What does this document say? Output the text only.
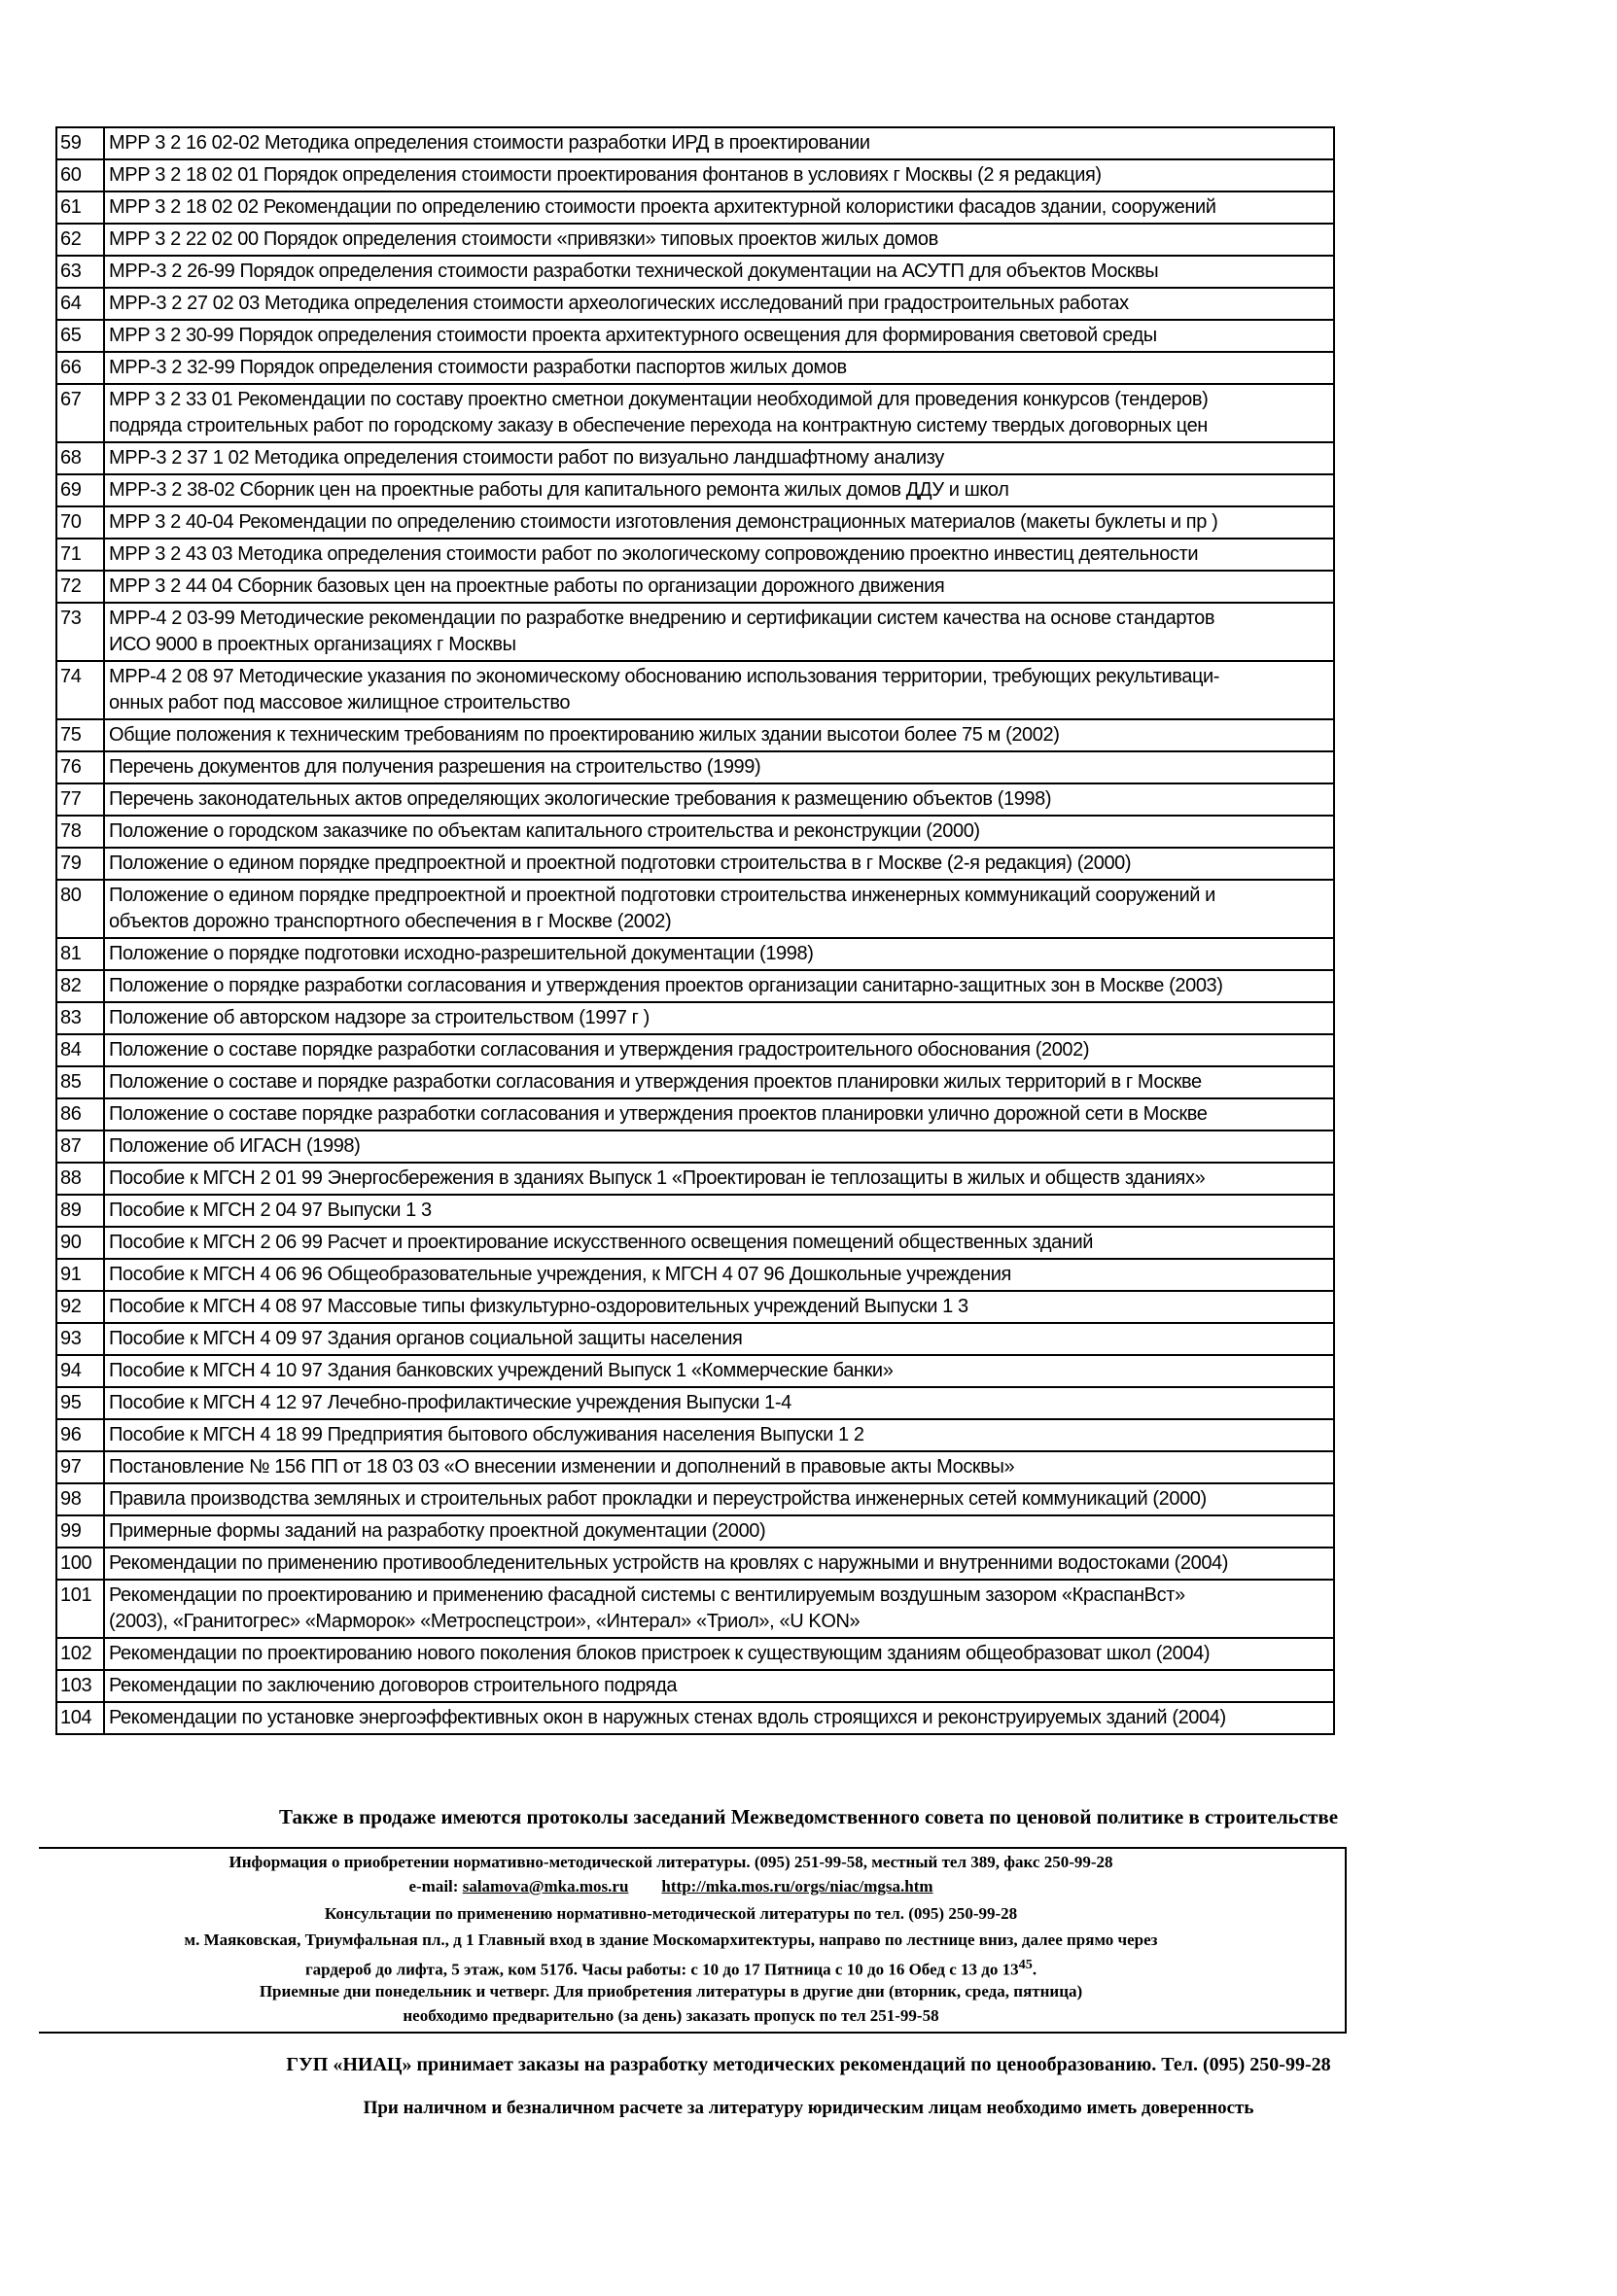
59	МРР 3 2 16 02-02 Методика определения стоимости разработки ИРД в проектировании
60	МРР 3 2 18 02 01 Порядок определения стоимости проектирования фонтанов в условиях г Москвы (2 я редакция)
61	МРР 3 2 18 02 02 Рекомендации по определению стоимости проекта архитектурной колористики фасадов здании, сооружений
62	МРР 3 2 22 02 00 Порядок определения стоимости «привязки» типовых проектов жилых домов
63	МРР-3 2 26-99 Порядок определения стоимости разработки технической документации на АСУТП для объектов Москвы
64	МРР-3 2 27 02 03 Методика определения стоимости археологических исследований при градостроительных работах
65	МРР 3 2 30-99 Порядок определения стоимости проекта архитектурного освещения для формирования световой среды
66	МРР-3 2 32-99 Порядок определения стоимости разработки паспортов жилых домов
67	МРР 3 2 33 01 Рекомендации по составу проектно сметнои документации необходимой для проведения конкурсов (тендеров)
подряда строительных работ по городскому заказу в обеспечение перехода на контрактную систему твердых договорных цен
68	МРР-3 2 37 1 02 Методика определения стоимости работ по визуально ландшафтному анализу
69	МРР-3 2 38-02 Сборник цен на проектные работы для капитального ремонта жилых домов ДДУ и школ
70	МРР 3 2 40-04 Рекомендации по определению стоимости изготовления демонстрационных материалов (макеты буклеты и пр )
71	МРР 3 2 43 03 Методика определения стоимости работ по экологическому сопровождению проектно инвестиц деятельности
72	МРР 3 2 44 04 Сборник базовых цен на проектные работы по организации дорожного движения
73	МРР-4 2 03-99 Методические рекомендации по разработке внедрению и сертификации систем качества на основе стандартов
ИСО 9000 в проектных организациях г Москвы
74	МРР-4 2 08 97 Методические указания по экономическому обоснованию использования территории, требующих рекультиваци-
онных работ под массовое жилищное строительство
75	Общие положения к техническим требованиям по проектированию жилых здании высотои более 75 м (2002)
76	Перечень документов для получения разрешения на строительство (1999)
77	Перечень законодательных актов определяющих экологические требования к размещению объектов (1998)
78	Положение о городском заказчике по объектам капитального строительства и реконструкции (2000)
79	Положение о едином порядке предпроектной и проектной подготовки строительства в г Москве (2-я редакция) (2000)
80	Положение о едином порядке предпроектной и проектной подготовки строительства инженерных коммуникаций сооружений и
объектов дорожно транспортного обеспечения в г Москве (2002)
81	Положение о порядке подготовки исходно-разрешительной документации (1998)
82	Положение о порядке разработки согласования и утверждения проектов организации санитарно-защитных зон в Москве (2003)
83	Положение об авторском надзоре за строительством (1997 г )
84	Положение о составе порядке разработки согласования и утверждения градостроительного обоснования (2002)
85	Положение о составе и порядке разработки согласования и утверждения проектов планировки жилых территорий в г Москве
86	Положение о составе порядке разработки согласования и утверждения проектов планировки улично дорожной сети в Москве
87	Положение об ИГАСН (1998)
88	Пособие к МГСН 2 01 99 Энергосбережения в зданиях Выпуск 1 «Проектирован іе теплозащиты в жилых и обществ зданиях»
89	Пособие к МГСН 2 04 97 Выпуски 1 3
90	Пособие к МГСН 2 06 99 Расчет и проектирование искусственного освещения помещений общественных зданий
91	Пособие к МГСН 4 06 96 Общеобразовательные учреждения, к МГСН 4 07 96 Дошкольные учреждения
92	Пособие к МГСН 4 08 97 Массовые типы физкультурно-оздоровительных учреждений Выпуски 1 3
93	Пособие к МГСН 4 09 97 Здания органов социальной защиты населения
94	Пособие к МГСН 4 10 97 Здания банковских учреждений Выпуск 1 «Коммерческие банки»
95	Пособие к МГСН 4 12 97 Лечебно-профилактические учреждения Выпуски 1-4
96	Пособие к МГСН 4 18 99 Предприятия бытового обслуживания населения Выпуски 1 2
97	Постановление № 156 ПП от 18 03 03 «О внесении изменении и дополнений в правовые акты Москвы»
98	Правила производства земляных и строительных работ прокладки и переустройства инженерных сетей коммуникаций (2000)
99	Примерные формы заданий на разработку проектной документации (2000)
100	Рекомендации по применению противообледенительных устройств на кровлях с наружными и внутренними водостоками (2004)
101	Рекомендации по проектированию и применению фасадной системы с вентилируемым воздушным зазором «КраспанВст»
(2003), «Гранитогрес» «Марморок» «Метроспецстрои», «Интерал» «Триол», «U KON»
102	Рекомендации по проектированию нового поколения блоков пристроек к существующим зданиям общеобразоват школ (2004)
103	Рекомендации по заключению договоров строительного подряда
104	Рекомендации по установке энергоэффективных окон в наружных стенах вдоль строящихся и реконструируемых зданий (2004)
Также в продаже имеются протоколы заседаний Межведомственного совета по ценовой политике в строительстве
Информация о приобретении нормативно-методической литературы. (095) 251-99-58, местный тел 389, факс 250-99-28
e-mail: salamova@mka.mos.ru http://mka.mos.ru/orgs/niac/mgsa.htm
Консультации по применению нормативно-методической литературы по тел. (095) 250-99-28
м. Маяковская, Триумфальная пл., д 1 Главный вход в здание Москомархитектуры, направо по лестнице вниз, далее прямо через
гардероб до лифта, 5 этаж, ком 517б. Часы работы: с 10 до 17 Пятница с 10 до 16 Обед с 13 до $13^{45}$.
Приемные дни понедельник и четверг. Для приобретения литературы в другие дни (вторник, среда, пятница)
необходимо предварительно (за день) заказать пропуск по тел 251-99-58
ГУП «НИАЦ» принимает заказы на разработку методических рекомендаций по ценообразованию. Тел. (095) 250-99-28
При наличном и безналичном расчете за литературу юридическим лицам необходимо иметь доверенность
